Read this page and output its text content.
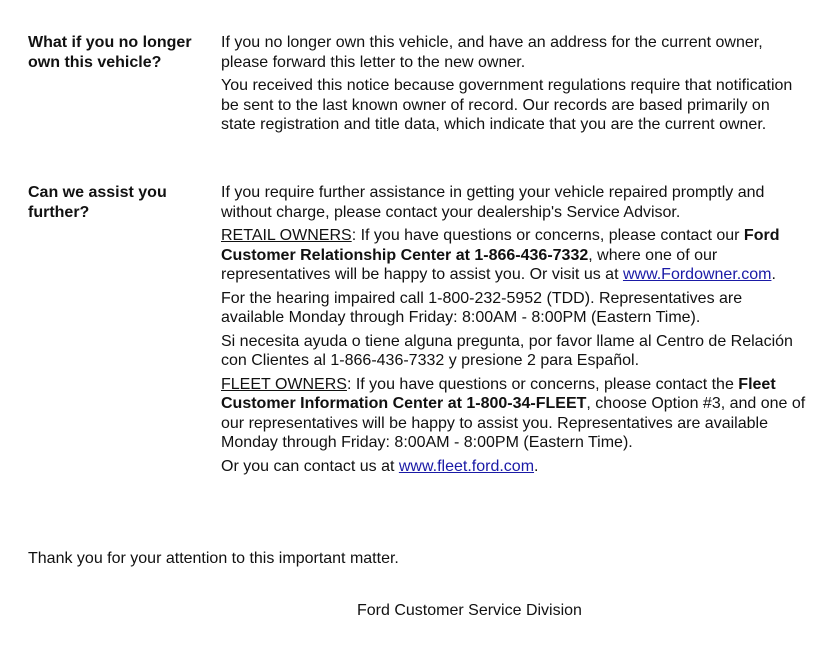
What if you no longer own this vehicle?

If you no longer own this vehicle, and have an address for the current owner, please forward this letter to the new owner.

You received this notice because government regulations require that notification be sent to the last known owner of record. Our records are based primarily on state registration and title data, which indicate that you are the current owner.

Can we assist you further?

If you require further assistance in getting your vehicle repaired promptly and without charge, please contact your dealership's Service Advisor.

RETAIL OWNERS: If you have questions or concerns, please contact our Ford Customer Relationship Center at 1-866-436-7332, where one of our representatives will be happy to assist you. Or visit us at www.Fordowner.com.

For the hearing impaired call 1-800-232-5952 (TDD). Representatives are available Monday through Friday: 8:00AM - 8:00PM (Eastern Time).

Si necesita ayuda o tiene alguna pregunta, por favor llame al Centro de Relación con Clientes al 1-866-436-7332 y presione 2 para Español.

FLEET OWNERS: If you have questions or concerns, please contact the Fleet Customer Information Center at 1-800-34-FLEET, choose Option #3, and one of our representatives will be happy to assist you. Representatives are available Monday through Friday: 8:00AM - 8:00PM (Eastern Time).

Or you can contact us at www.fleet.ford.com.

Thank you for your attention to this important matter.
Ford Customer Service Division
